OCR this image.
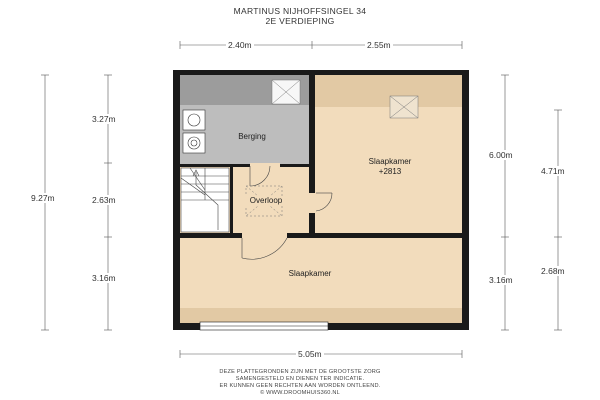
MARTINUS NIJHOFFSINGEL 34
2E VERDIEPING
2.40m	2.55m
5.05m
9.27m
3.27m
2.63m
3.16m
6.00m
4.71m
3.16m
2.68m
Berging
Slaapkamer
+2813
Overloop
Slaapkamer
DEZE PLATTEGRONDEN ZIJN MET DE GROOTSTE ZORG
SAMENGESTELD EN DIENEN TER INDICATIE.
ER KUNNEN GEEN RECHTEN AAN WORDEN ONTLEEND.
© WWW.DROOMHUIS360.NL
